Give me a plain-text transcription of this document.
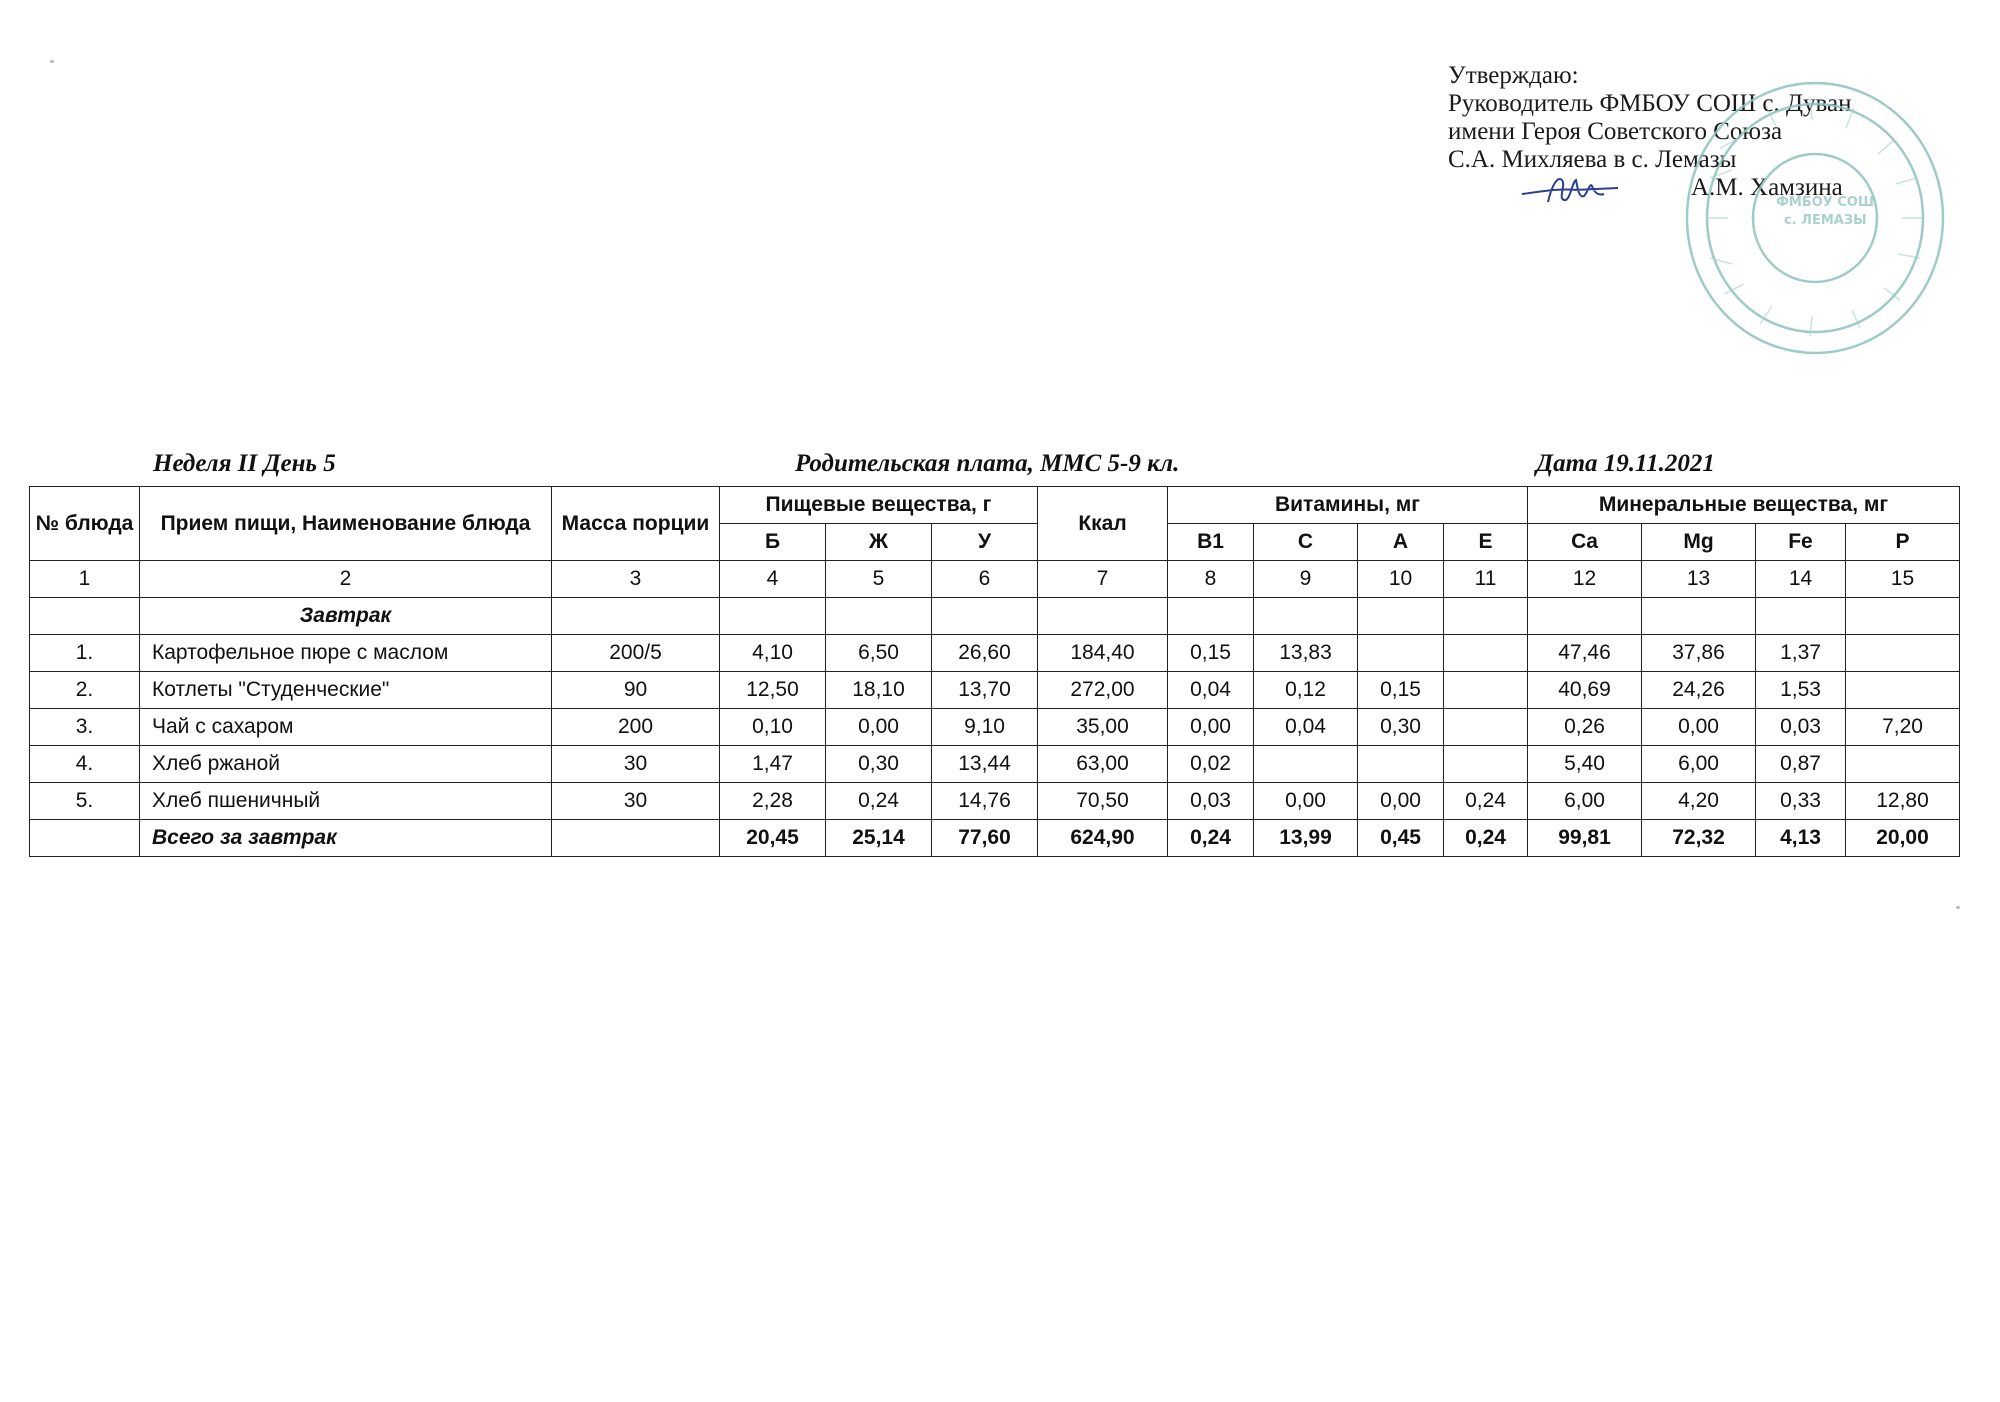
Утверждаю:
Руководитель ФМБОУ СОШ с. Дуван
имени Героя Советского Союза
С.А. Михляева в с. Лемазы
А.М. Хамзина
ФМБОУ СОШ
с. ЛЕМАЗЫ
Неделя II День 5	Родительская плата, ММС 5-9 кл.	Дата 19.11.2021
№ блюда	Прием пищи, Наименование блюда	Масса порции	Пищевые вещества, г			Ккал	Витамины, мг				Минеральные вещества, мг			
			Б	Ж	У		В1	С	А	Е	Ca	Mg	Fe	P
1	2	3	4	5	6	7	8	9	10	11	12	13	14	15
	Завтрак													
1.	Картофельное пюре с маслом	200/5	4,10	6,50	26,60	184,40	0,15	13,83			47,46	37,86	1,37	
2.	Котлеты "Студенческие"	90	12,50	18,10	13,70	272,00	0,04	0,12	0,15		40,69	24,26	1,53	
3.	Чай с сахаром	200	0,10	0,00	9,10	35,00	0,00	0,04	0,30		0,26	0,00	0,03	7,20
4.	Хлеб ржаной	30	1,47	0,30	13,44	63,00	0,02				5,40	6,00	0,87	
5.	Хлеб пшеничный	30	2,28	0,24	14,76	70,50	0,03	0,00	0,00	0,24	6,00	4,20	0,33	12,80
	Всего за завтрак		20,45	25,14	77,60	624,90	0,24	13,99	0,45	0,24	99,81	72,32	4,13	20,00
